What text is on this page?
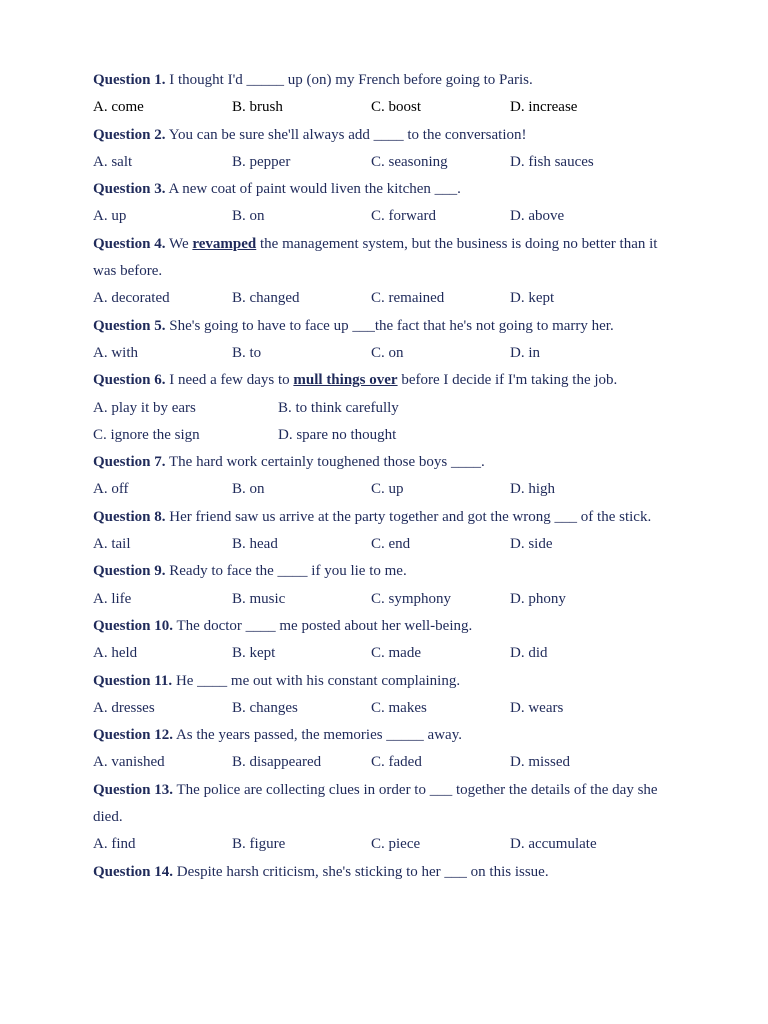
Question 1. I thought I'd _____ up (on) my French before going to Paris.
A. come	B. brush	C. boost	D. increase
Question 2. You can be sure she'll always add ____ to the conversation!
A. salt	B. pepper	C. seasoning	D. fish sauces
Question 3. A new coat of paint would liven the kitchen ___.
A. up	B. on	C. forward	D. above
Question 4. We revamped the management system, but the business is doing no better than it was before.
A. decorated	B. changed	C. remained	D. kept
Question 5. She's going to have to face up ___the fact that he's not going to marry her.
A. with	B. to	C. on	D. in
Question 6. I need a few days to mull things over before I decide if I'm taking the job.
A. play it by ears	B. to think carefully
C. ignore the sign	D. spare no thought
Question 7. The hard work certainly toughened those boys ____.
A. off	B. on	C. up	D. high
Question 8. Her friend saw us arrive at the party together and got the wrong ___ of the stick.
A. tail	B. head	C. end	D. side
Question 9. Ready to face the ____ if you lie to me.
A. life	B. music	C. symphony	D. phony
Question 10. The doctor ____ me posted about her well-being.
A. held	B. kept	C. made	D. did
Question 11. He ____ me out with his constant complaining.
A. dresses	B. changes	C. makes	D. wears
Question 12. As the years passed, the memories _____ away.
A. vanished	B. disappeared	C. faded	D. missed
Question 13. The police are collecting clues in order to ___ together the details of the day she died.
A. find	B. figure	C. piece	D. accumulate
Question 14. Despite harsh criticism, she's sticking to her ___ on this issue.
